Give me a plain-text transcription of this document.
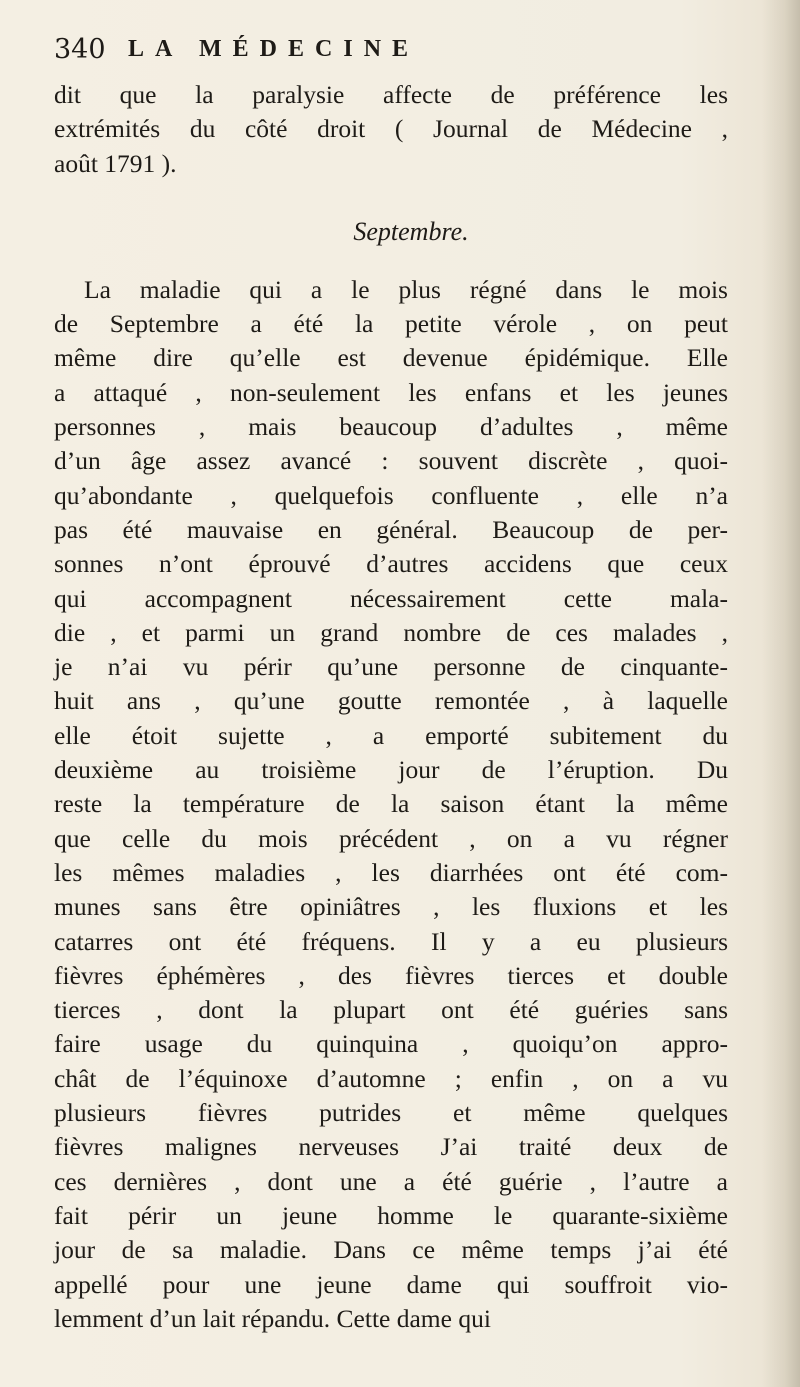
340 LA MÉDECINE
dit que la paralysie affecte de préférence les
extrémités du côté droit ( Journal de Médecine ,
août 1791 ).
Septembre.
La maladie qui a le plus régné dans le mois
de Septembre a été la petite vérole , on peut
même dire qu’elle est devenue épidémique. Elle
a attaqué , non-seulement les enfans et les jeunes
personnes , mais beaucoup d’adultes , même
d’un âge assez avancé : souvent discrète , quoi-
qu’abondante , quelquefois confluente , elle n’a
pas été mauvaise en général. Beaucoup de per-
sonnes n’ont éprouvé d’autres accidens que ceux
qui accompagnent nécessairement cette mala-
die , et parmi un grand nombre de ces malades ,
je n’ai vu périr qu’une personne de cinquante-
huit ans , qu’une goutte remontée , à laquelle
elle étoit sujette , a emporté subitement du
deuxième au troisième jour de l’éruption. Du
reste la température de la saison étant la même
que celle du mois précédent , on a vu régner
les mêmes maladies , les diarrhées ont été com-
munes sans être opiniâtres , les fluxions et les
catarres ont été fréquens. Il y a eu plusieurs
fièvres éphémères , des fièvres tierces et double
tierces , dont la plupart ont été guéries sans
faire usage du quinquina , quoiqu’on appro-
chât de l’équinoxe d’automne ; enfin , on a vu
plusieurs fièvres putrides et même quelques
fièvres malignes nerveuses J’ai traité deux de
ces dernières , dont une a été guérie , l’autre a
fait périr un jeune homme le quarante-sixième
jour de sa maladie. Dans ce même temps j’ai été
appellé pour une jeune dame qui souffroit vio-
lemment d’un lait répandu. Cette dame qui
